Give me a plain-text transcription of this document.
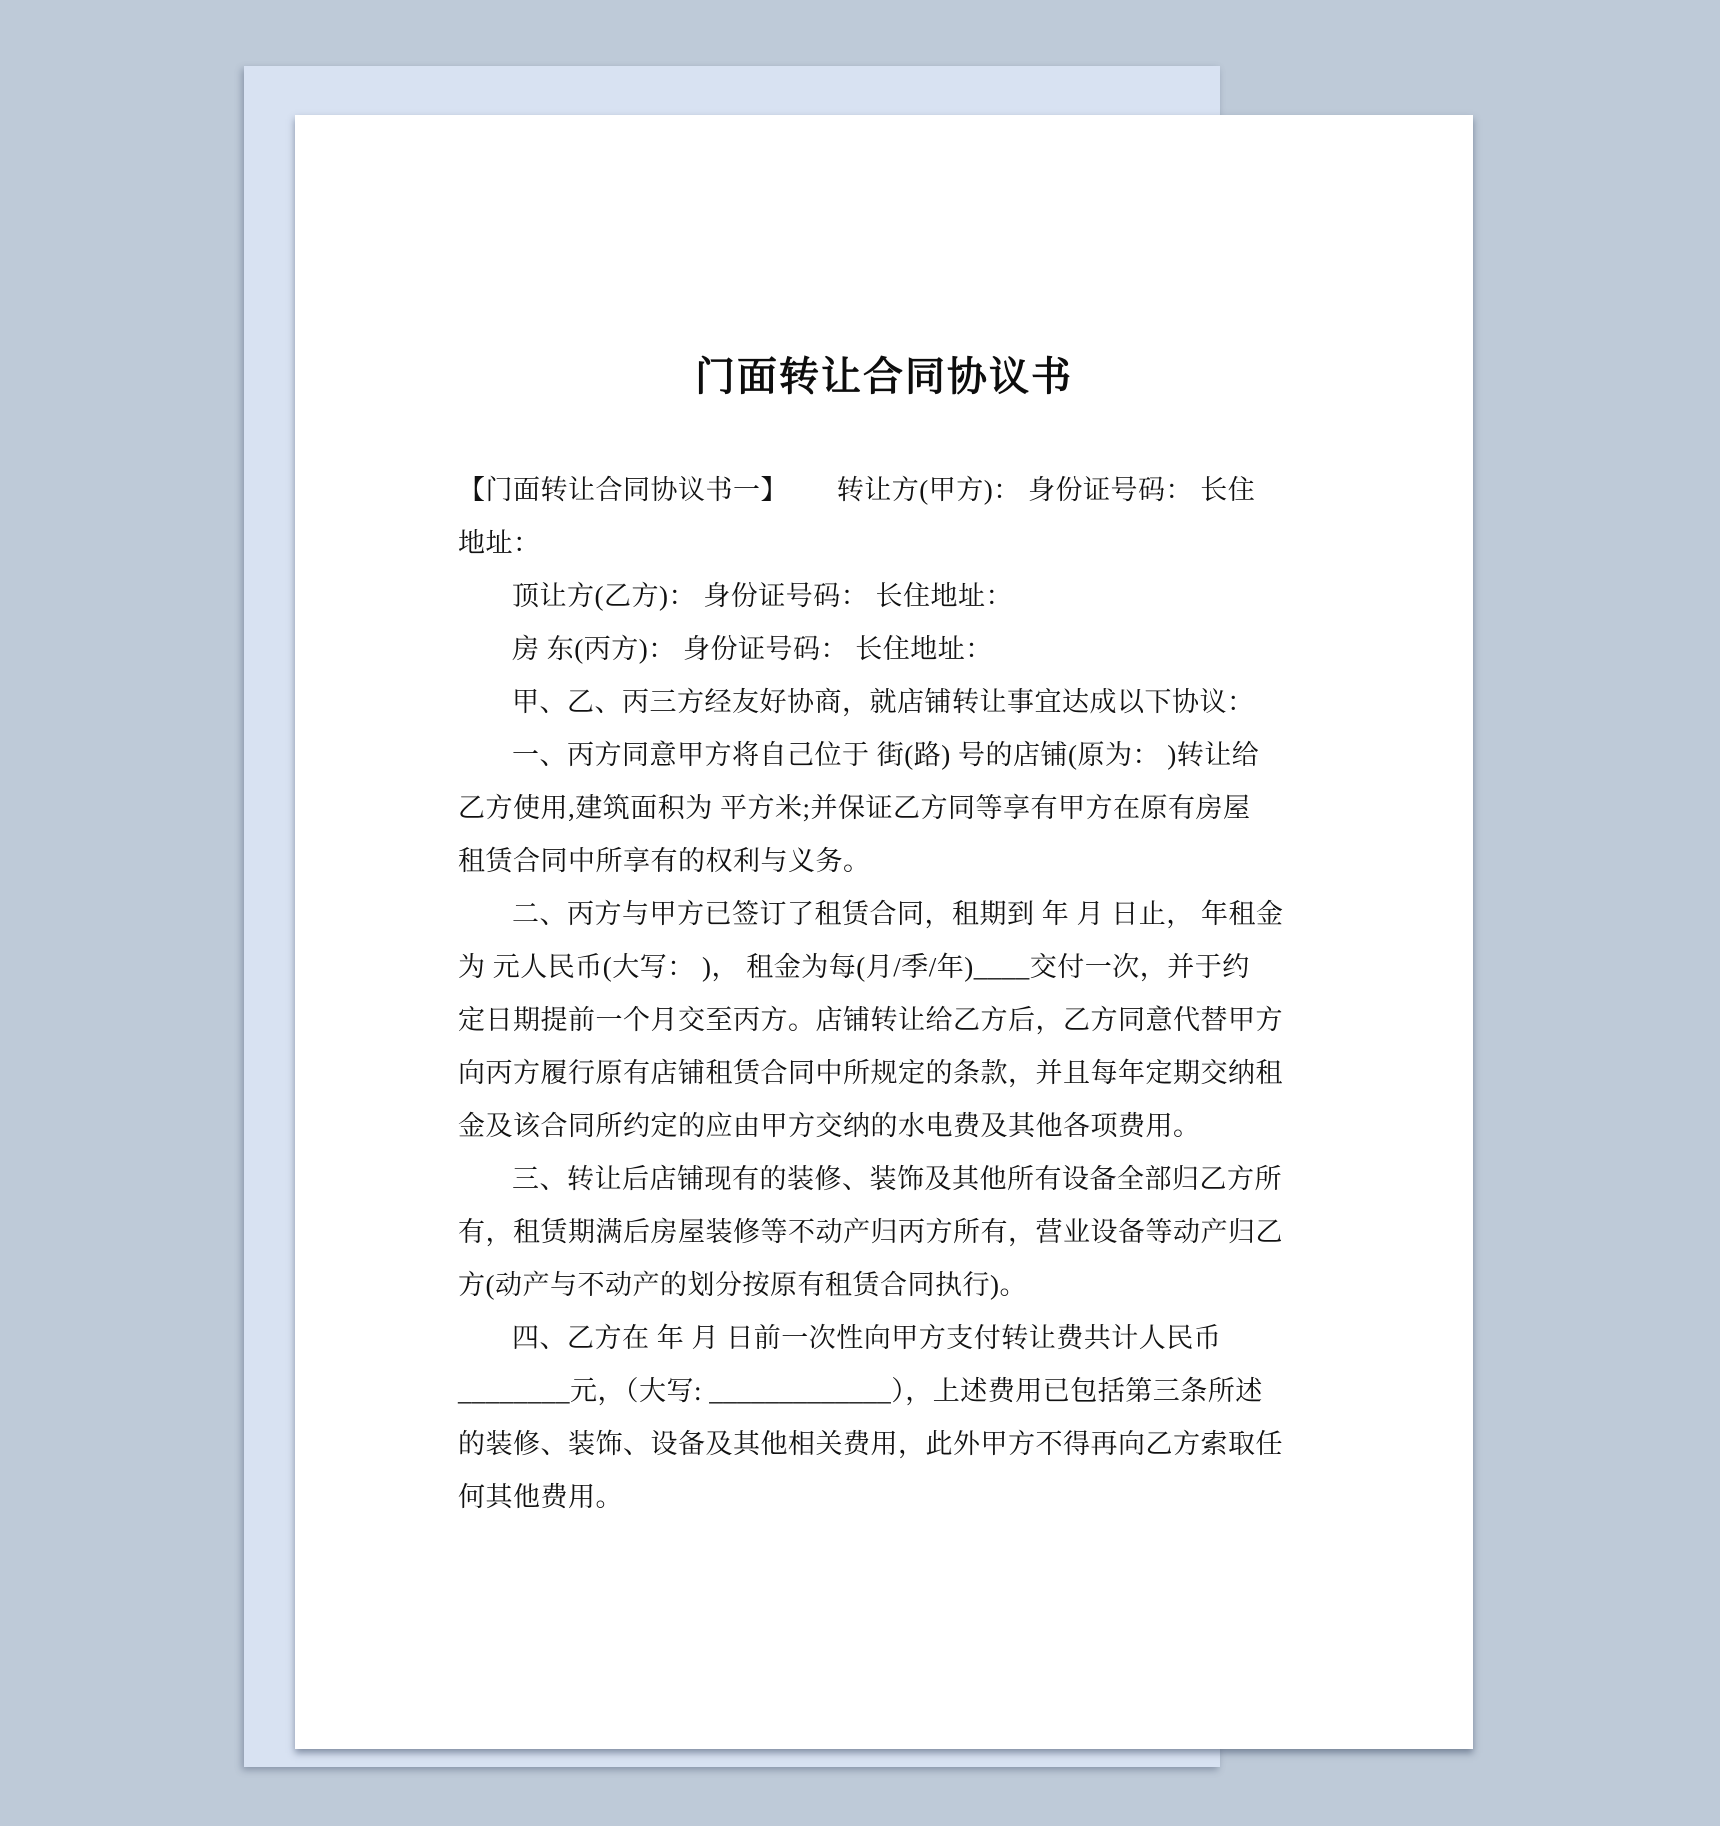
门面转让合同协议书
【门面转让合同协议书一】　　 转让方(甲方)： 身份证号码： 长住
地址：
顶让方(乙方)： 身份证号码： 长住地址：
房 东(丙方)： 身份证号码： 长住地址：
甲、乙、丙三方经友好协商，就店铺转让事宜达成以下协议：
一、丙方同意甲方将自己位于 街(路) 号的店铺(原为： )转让给
乙方使用,建筑面积为 平方米;并保证乙方同等享有甲方在原有房屋
租赁合同中所享有的权利与义务。
二、丙方与甲方已签订了租赁合同，租期到 年 月 日止， 年租金
为 元人民币(大写： )， 租金为每(月/季/年)____交付一次，并于约
定日期提前一个月交至丙方。店铺转让给乙方后，乙方同意代替甲方
向丙方履行原有店铺租赁合同中所规定的条款，并且每年定期交纳租
金及该合同所约定的应由甲方交纳的水电费及其他各项费用。
三、转让后店铺现有的装修、装饰及其他所有设备全部归乙方所
有，租赁期满后房屋装修等不动产归丙方所有，营业设备等动产归乙
方(动产与不动产的划分按原有租赁合同执行)。
四、乙方在 年 月 日前一次性向甲方支付转让费共计人民币
________元，（大写: _____________），上述费用已包括第三条所述
的装修、装饰、设备及其他相关费用，此外甲方不得再向乙方索取任
何其他费用。
